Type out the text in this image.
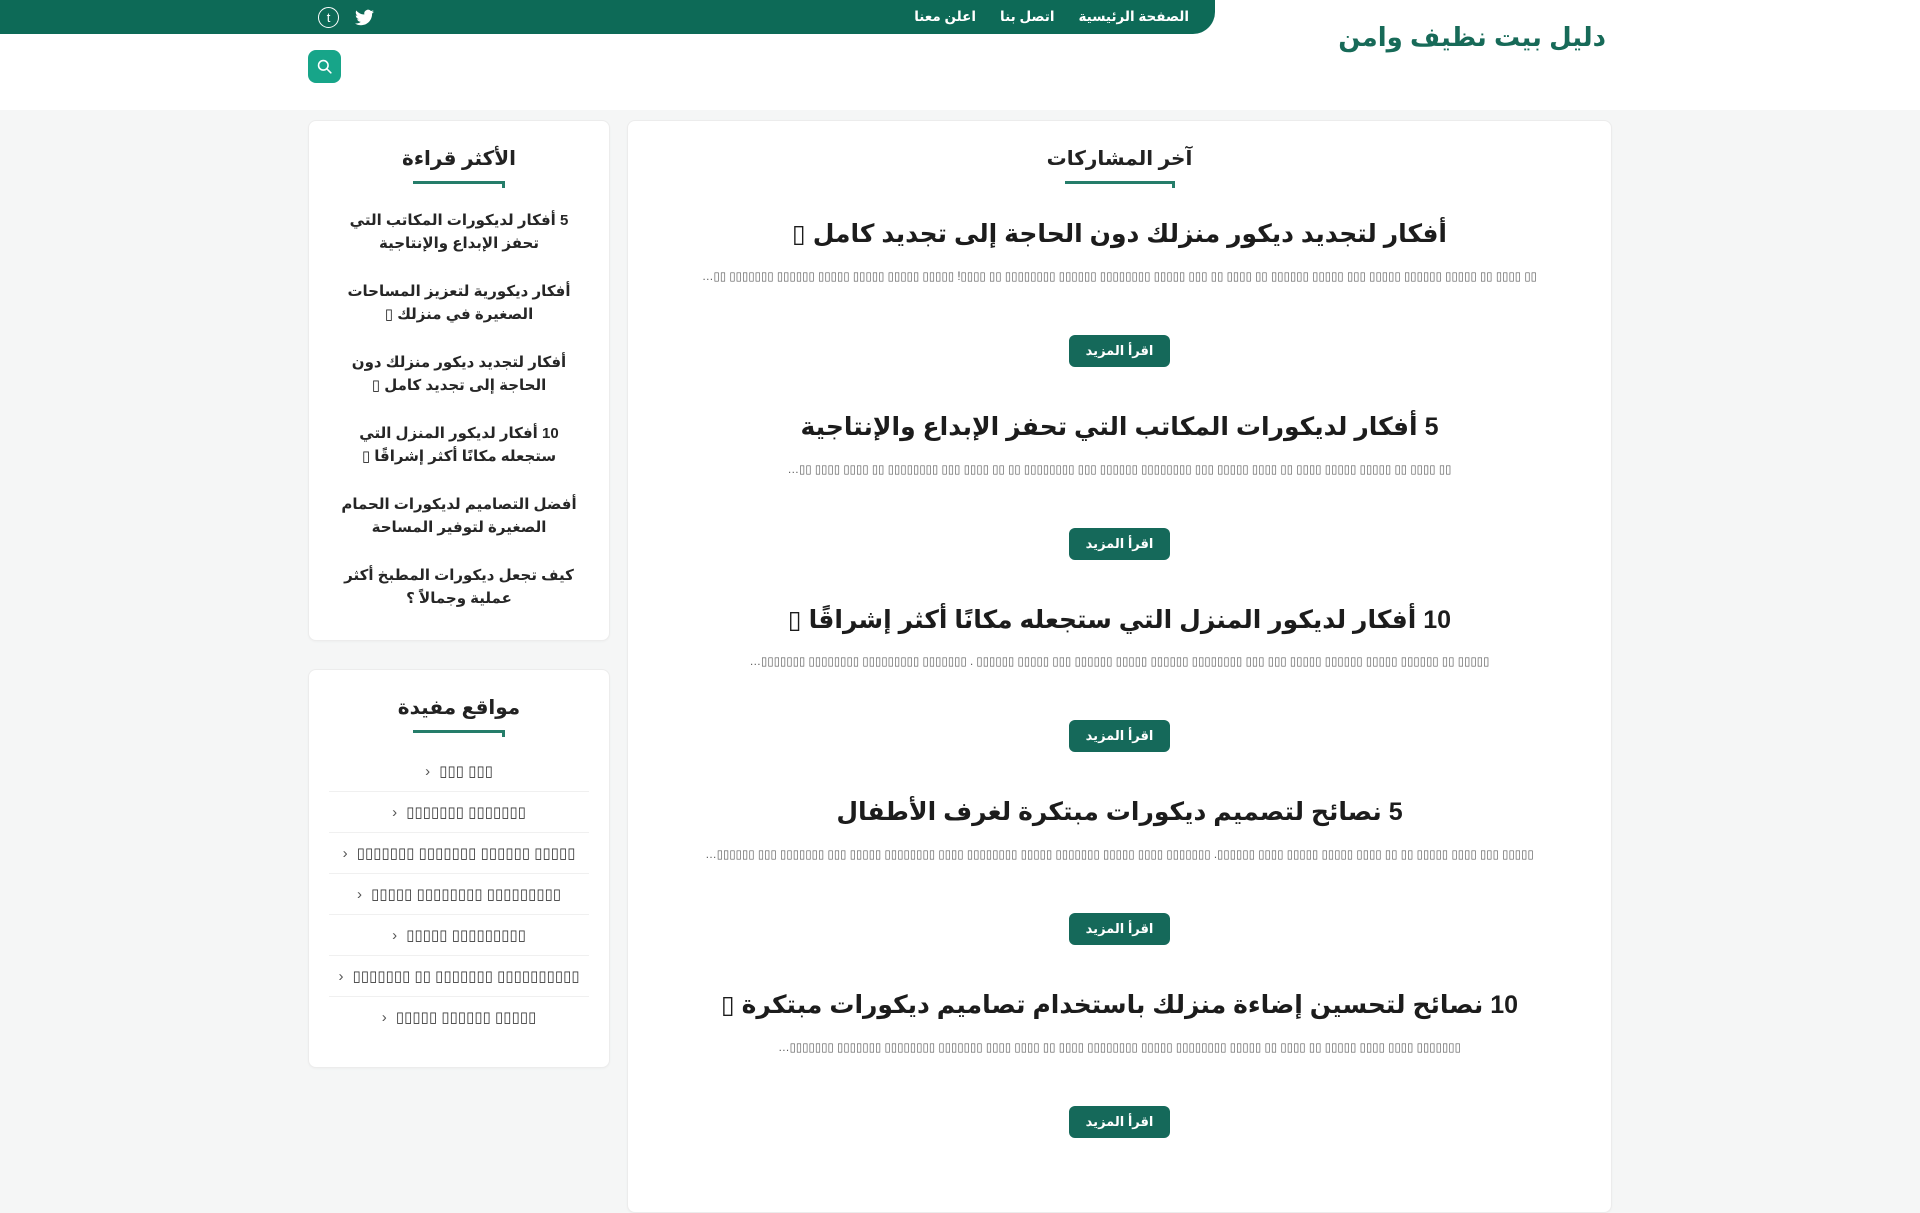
t	الصفحة الرئيسية
اتصل بنا
اعلن معنا
دليل بيت نظيف وامن
آخر المشاركات
أفكار لتجديد ديكور منزلك دون الحاجة إلى تجديد كامل ▯

▯▯ ▯▯▯▯ ▯▯ ▯▯▯▯▯ ▯▯▯▯▯▯ ▯▯▯▯▯ ▯▯▯ ▯▯▯▯▯ ▯▯▯▯▯▯ ▯▯ ▯▯▯▯ ▯▯ ▯▯▯ ▯▯▯▯▯ ▯▯▯▯▯▯▯▯ ▯▯▯▯▯▯ ▯▯▯▯▯▯▯▯ ▯▯ ▯▯▯▯! ▯▯▯▯▯ ▯▯▯▯▯ ▯▯▯▯▯ ▯▯▯▯▯ ▯▯▯▯▯▯ ▯▯▯▯▯▯▯ ▯▯…

اقرأ المزيد
5 أفكار لديكورات المكاتب التي تحفز الإبداع والإنتاجية

▯▯ ▯▯▯▯ ▯▯ ▯▯▯▯▯ ▯▯▯▯▯ ▯▯▯▯ ▯▯ ▯▯▯▯ ▯▯▯▯▯ ▯▯▯ ▯▯▯▯▯▯▯▯ ▯▯▯▯▯▯ ▯▯▯ ▯▯▯▯▯▯▯▯ ▯▯ ▯▯ ▯▯▯▯ ▯▯▯ ▯▯▯▯▯▯▯▯ ▯▯ ▯▯▯▯ ▯▯▯▯ ▯▯…

اقرأ المزيد
10 أفكار لديكور المنزل التي ستجعله مكانًا أكثر إشراقًا ▯

▯▯▯▯▯ ▯▯ ▯▯▯▯▯▯ ▯▯▯▯▯ ▯▯▯▯▯▯ ▯▯▯▯▯ ▯▯▯ ▯▯▯ ▯▯▯▯▯▯▯▯ ▯▯▯▯▯▯ ▯▯▯▯▯ ▯▯▯▯▯▯ ▯▯▯ ▯▯▯▯▯ ▯▯▯▯▯▯ . ▯▯▯▯▯▯▯ ▯▯▯▯▯▯▯▯▯ ▯▯▯▯▯▯▯▯ ▯▯▯▯▯▯▯…

اقرأ المزيد
5 نصائح لتصميم ديكورات مبتكرة لغرف الأطفال

▯▯▯▯▯ ▯▯▯ ▯▯▯▯ ▯▯▯▯▯ ▯▯ ▯▯ ▯▯▯▯ ▯▯▯▯▯ ▯▯▯▯▯ ▯▯▯▯ ▯▯▯▯▯▯. ▯▯▯▯▯▯▯ ▯▯▯▯ ▯▯▯▯▯ ▯▯▯▯▯▯▯ ▯▯▯▯▯ ▯▯▯▯▯▯▯▯ ▯▯▯▯ ▯▯▯▯▯▯▯▯ ▯▯▯▯▯ ▯▯▯ ▯▯▯▯▯▯▯ ▯▯▯ ▯▯▯▯▯▯…

اقرأ المزيد
10 نصائح لتحسين إضاءة منزلك باستخدام تصاميم ديكورات مبتكرة ▯

▯▯▯▯▯▯▯ ▯▯▯▯ ▯▯▯▯ ▯▯▯▯▯ ▯▯ ▯▯▯▯ ▯▯ ▯▯▯▯▯ ▯▯▯▯▯▯▯▯ ▯▯▯▯▯ ▯▯▯▯▯▯▯▯ ▯▯▯▯ ▯▯ ▯▯▯▯ ▯▯▯▯ ▯▯▯▯▯▯▯ ▯▯▯▯▯▯▯▯ ▯▯▯▯▯▯▯ ▯▯▯▯▯▯▯…

اقرأ المزيد
الأكثر قراءة
5 أفكار لديكورات المكاتب التي تحفز الإبداع والإنتاجية
أفكار ديكورية لتعزيز المساحات الصغيرة في منزلك ▯
أفكار لتجديد ديكور منزلك دون الحاجة إلى تجديد كامل ▯
10 أفكار لديكور المنزل التي ستجعله مكانًا أكثر إشراقًا ▯
أفضل التصاميم لديكورات الحمام الصغيرة لتوفير المساحة
كيف تجعل ديكورات المطبخ أكثر عملية وجمالاً ؟
مواقع مفيدة
▯▯▯ ▯▯▯
‹
▯▯▯▯▯▯▯ ▯▯▯▯▯▯▯
‹
▯▯▯▯▯ ▯▯▯▯▯▯ ▯▯▯▯▯▯▯ ▯▯▯▯▯▯▯
‹
▯▯▯▯▯▯▯▯▯ ▯▯▯▯▯▯▯▯ ▯▯▯▯▯
‹
▯▯▯▯▯▯▯▯▯ ▯▯▯▯▯
‹
▯▯▯▯▯▯▯▯▯▯ ▯▯▯▯▯▯▯ ▯▯ ▯▯▯▯▯▯▯
‹
▯▯▯▯▯ ▯▯▯▯▯▯ ▯▯▯▯▯
‹
